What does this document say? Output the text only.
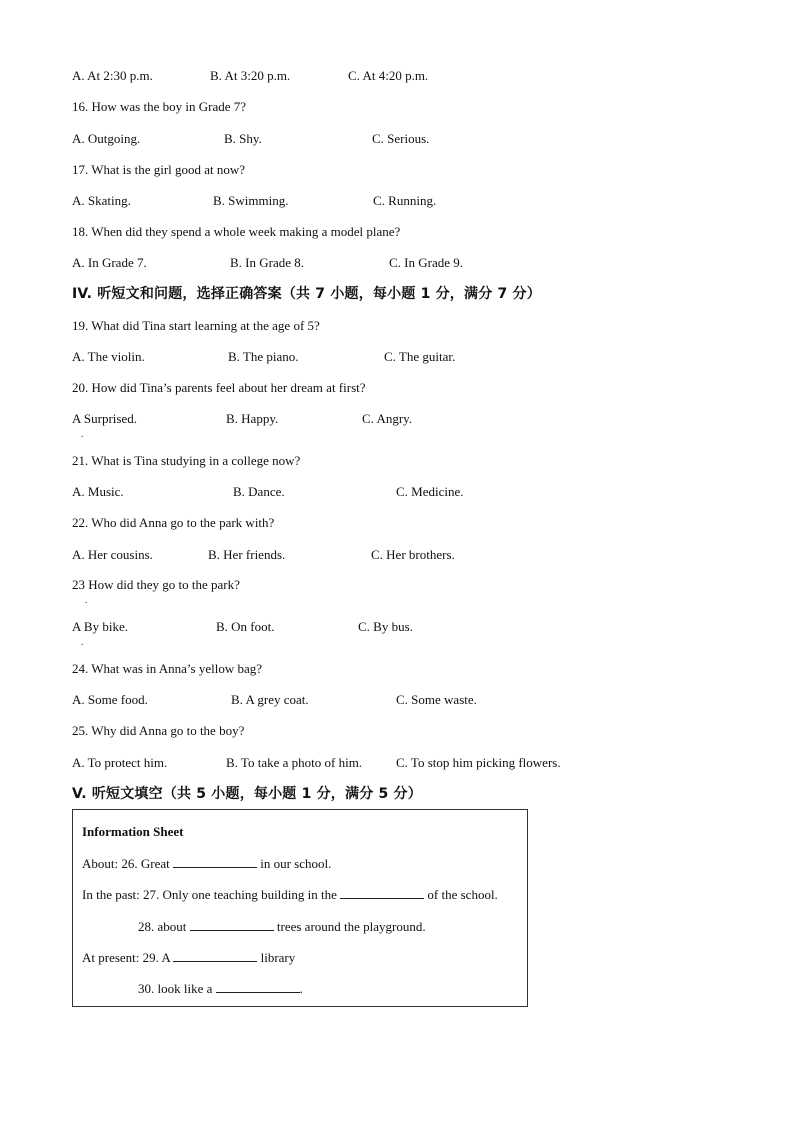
A. At 2:30 p.m.	B. At 3:20 p.m.	C. At 4:20 p.m.
16. How was the boy in Grade 7?
A. Outgoing.	B. Shy.	C. Serious.
17. What is the girl good at now?
A. Skating.	B. Swimming.	C. Running.
18. When did they spend a whole week making a model plane?
A. In Grade 7.	B. In Grade 8.	C. In Grade 9.
IV. 听短文和问题，选择正确答案（共 7 小题，每小题 1 分，满分 7 分）
19. What did Tina start learning at the age of 5?
A. The violin.	B. The piano.	C. The guitar.
20. How did Tina’s parents feel about her dream at first?
A Surprised.
.
B. Happy.	C. Angry.
21. What is Tina studying in a college now?
A. Music.	B. Dance.	C. Medicine.
22. Who did Anna go to the park with?
A. Her cousins.	B. Her friends.	C. Her brothers.
23 How did they go to the park?
.
A By bike.
.
B. On foot.	C. By bus.
24. What was in Anna’s yellow bag?
A. Some food.	B. A grey coat.	C. Some waste.
25. Why did Anna go to the boy?
A. To protect him.	B. To take a photo of him.	C. To stop him picking flowers.
V. 听短文填空（共 5 小题，每小题 1 分，满分 5 分）
Information Sheet
About: 26. Great	in our school.
In the past: 27. Only one teaching building in the	of the school.
28. about	trees around the playground.
At present: 29. A	library
30. look like a	.
